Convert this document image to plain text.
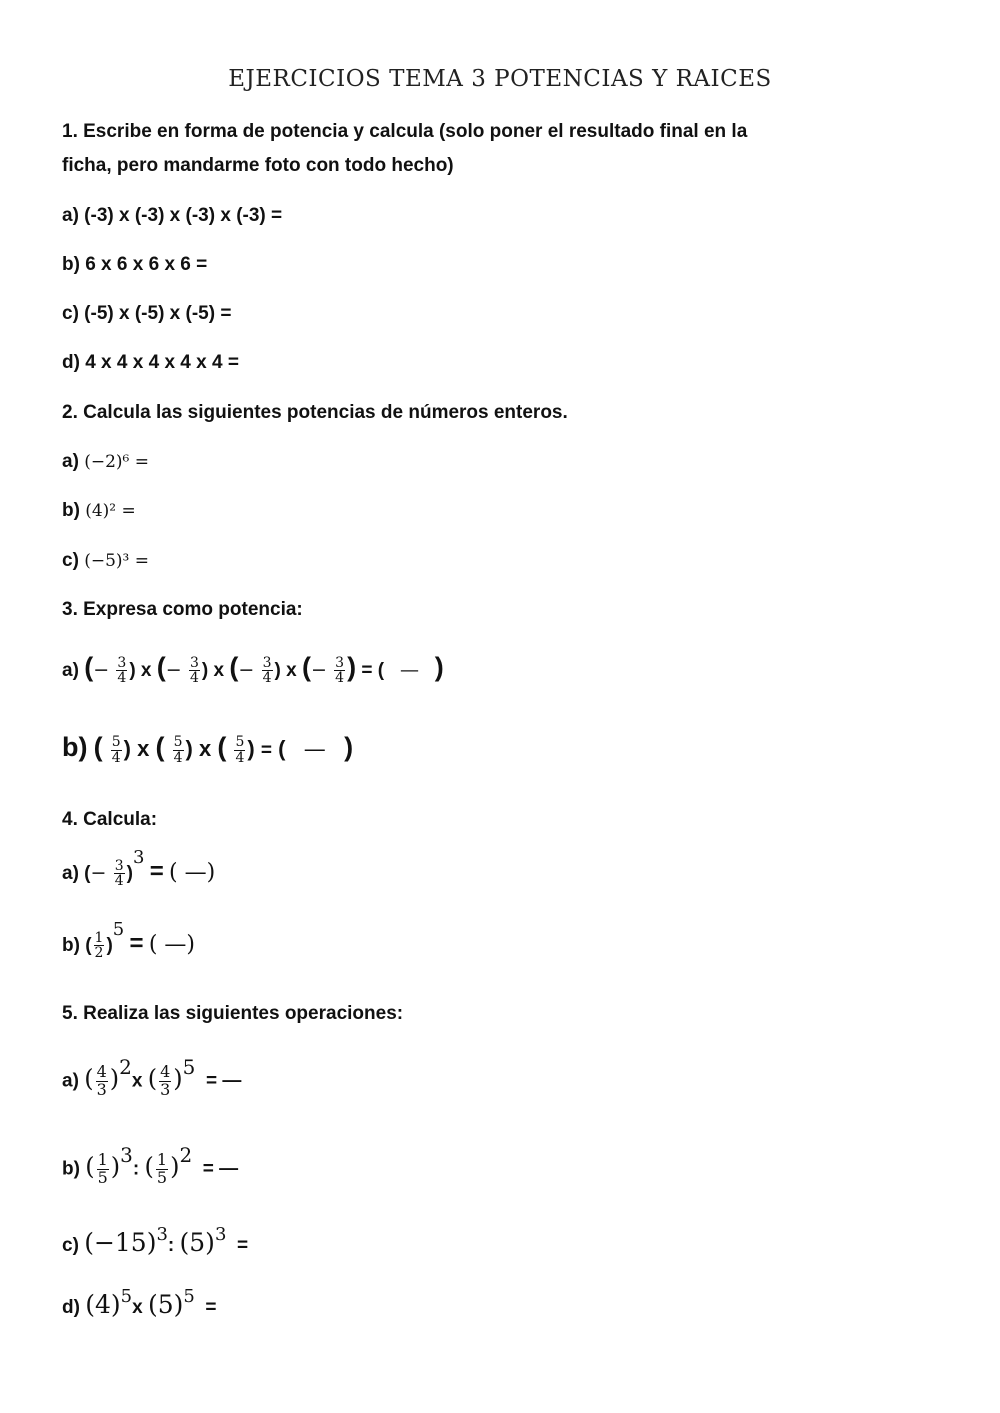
EJERCICIOS TEMA 3 POTENCIAS Y RAICES
1. Escribe en forma de potencia y calcula (solo poner el resultado final en la
ficha, pero mandarme foto con todo hecho)
a) (-3) x (-3) x (-3) x (-3) =
b) 6 x 6 x 6 x 6 =
c) (-5) x (-5) x (-5) =
d) 4 x 4 x 4 x 4 x 4 =
2. Calcula las siguientes potencias de números enteros.
a) (−2)⁶ =
b) (4)² =
c) (−5)³ =
3. Expresa como potencia:
a) (− $\frac{3}{4}$ ) x (− $\frac{3}{4}$ ) x (− $\frac{3}{4}$ ) x (− $\frac{3}{4}$ ) = (   — )
b) ( $\frac{5}{4}$ ) x ( $\frac{5}{4}$ ) x ( $\frac{5}{4}$ ) = (   — )
4. Calcula:
a) (− $\frac{3}{4} )3$ = ( —)
b) ( $\frac{1}{2} )5$ = ( —)
5. Realiza las siguientes operaciones:
a) ( $\frac{4}{3} )2x$ ( $\frac{4}{3} )5$  = —
b) ( $\frac{1}{5} )3$: ( $\frac{1}{5} )2$  = —
c) (−15)3: (5)3  =
d) (4)5x (5)5  =
